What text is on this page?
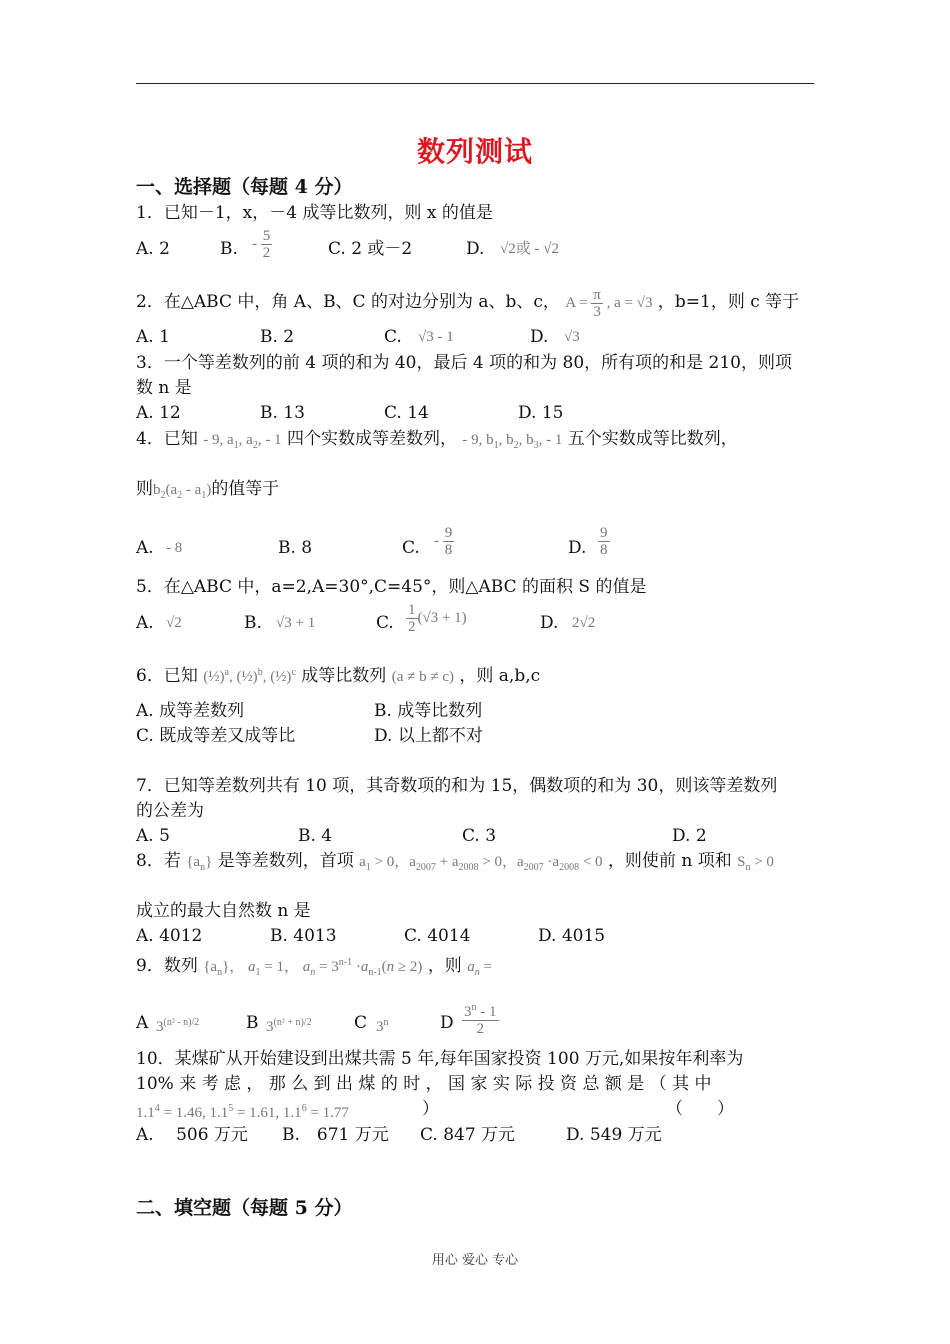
数列测试
一、选择题（每题 4 分）
1．已知－1，x，－4 成等比数列，则 x 的值是
A. 2	B. - $\frac{5}{2}$	C. 2 或－2	D. √2或 - √2
2．在△ABC 中，角 A、B、C 的对边分别为 a、b、c， $A = \frac{\pi}{3}$ , a = √3 ，b=1，则 c 等于
A. 1	B. 2	C. √3 - 1	D. √3
3．一个等差数列的前 4 项的和为 40，最后 4 项的和为 80，所有项的和是 210，则项
数 n 是
A. 12	B. 13	C. 14	D. 15
4．已知 - 9, $a_1$, $a_2$, - 1 四个实数成等差数列， - 9, $b_1$, $b_2$, $b_3$, - 1 五个实数成等比数列，
则$b_2(a_2 - a_1)$的值等于
A. - 8	B. 8	C. - $\frac{9}{8}$	D. $\frac{9}{8}$
5．在△ABC 中，a=2,A=30°,C=45°，则△ABC 的面积 S 的值是
A. √2	B. √3 + 1	C. $\frac{1}{2} (√3 + 1)$	D. 2√2
6．已知 (½)$^a$, (½)$^b$, (½)$^c$ 成等比数列 (a ≠ b ≠ c) ，则 a,b,c
A. 成等差数列	B. 成等比数列
C. 既成等差又成等比	D. 以上都不对
7．已知等差数列共有 10 项，其奇数项的和为 15，偶数项的和为 30，则该等差数列
的公差为
A. 5	B. 4	C. 3	D. 2
8．若 $\{a_n\}$ 是等差数列，首项 $a_1 > 0$，$a_{2007} + a_{2008} > 0$，$a_{2007} \cdot a_{2008} < 0$ ，则使前 n 项和 $S_n > 0$
成立的最大自然数 n 是
A. 4012	B. 4013	C. 4014	D. 4015
9．数列 $\{a_n\}$， $a_1 = 1$， $a_n = 3^{n-1} \cdot a_{n-1}(n \ge 2)$ ，则 $a_n$ =
A $3^{(n^2 - n)/2}$	B $3^{(n^2 + n)/2}$ C 3$^n$	D $\frac{3^n - 1}{2}$
10．某煤矿从开始建设到出煤共需 5 年,每年国家投资 100 万元,如果按年利率为
10% 来 考 虑 ， 那 么 到 出 煤 的 时 ， 国 家 实 际 投 资 总 额 是 （ 其 中
$1.1^4 = 1.46$, $1.1^5 = 1.61$, $1.1^6 = 1.77$	）	（　　）
A.　 506 万元 B.　671 万元 C. 847 万元	D. 549 万元
二、填空题（每题 5 分）
用心 爱心 专心
